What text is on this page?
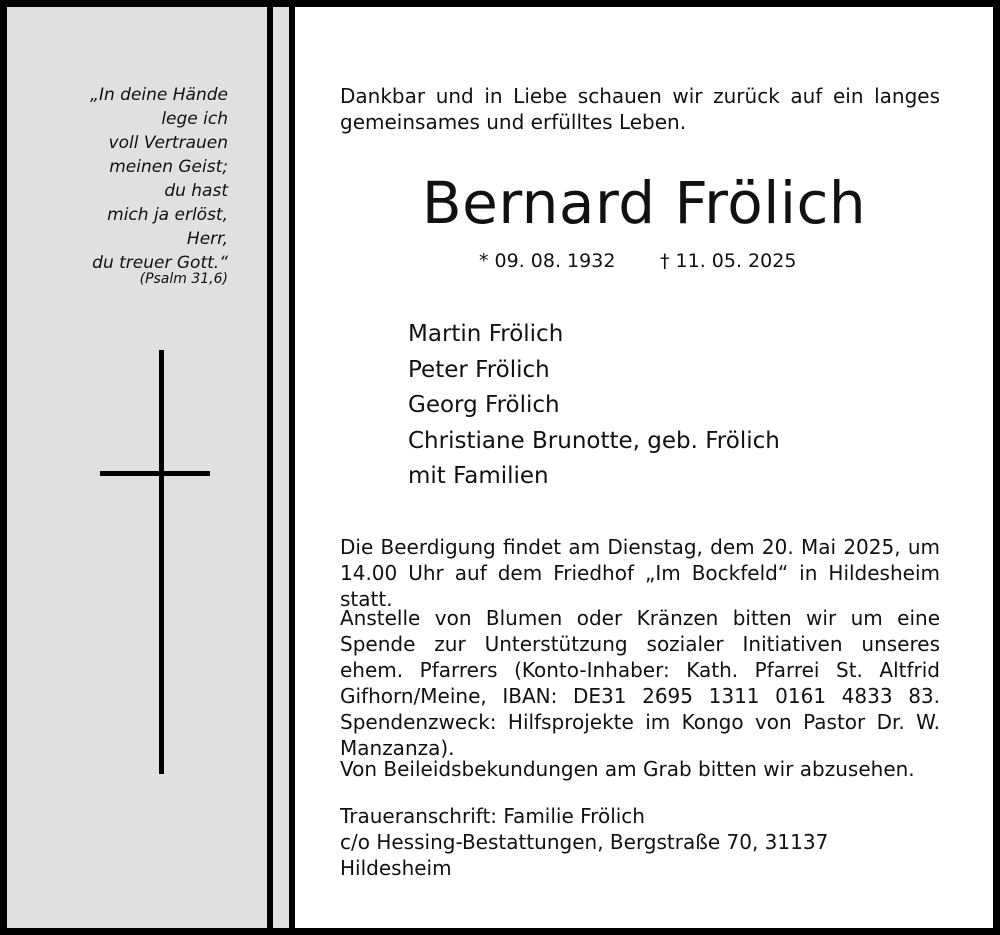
„In deine Hände
lege ich
voll Vertrauen
meinen Geist;
du hast
mich ja erlöst,
Herr,
du treuer Gott.“
(Psalm 31,6)
Dankbar und in Liebe schauen wir zurück auf ein langes gemeinsames und erfülltes Leben.
Bernard Frölich
* 09. 08. 1932 † 11. 05. 2025
Martin Frölich
Peter Frölich
Georg Frölich
Christiane Brunotte, geb. Frölich
mit Familien
Die Beerdigung findet am Dienstag, dem 20. Mai 2025, um 14.00 Uhr auf dem Friedhof „Im Bockfeld“ in Hildesheim statt.
Anstelle von Blumen oder Kränzen bitten wir um eine Spende zur Unterstützung sozialer Initiativen unseres ehem. Pfarrers (Konto-Inhaber: Kath. Pfarrei St. Altfrid Gifhorn/Meine, IBAN: DE31 2695 1311 0161 4833 83. Spendenzweck: Hilfsprojekte im Kongo von Pastor Dr. W. Manzanza).
Von Beileidsbekundungen am Grab bitten wir abzusehen.
Traueranschrift: Familie Frölich
c/o Hessing-Bestattungen, Bergstraße 70, 31137 Hildesheim
